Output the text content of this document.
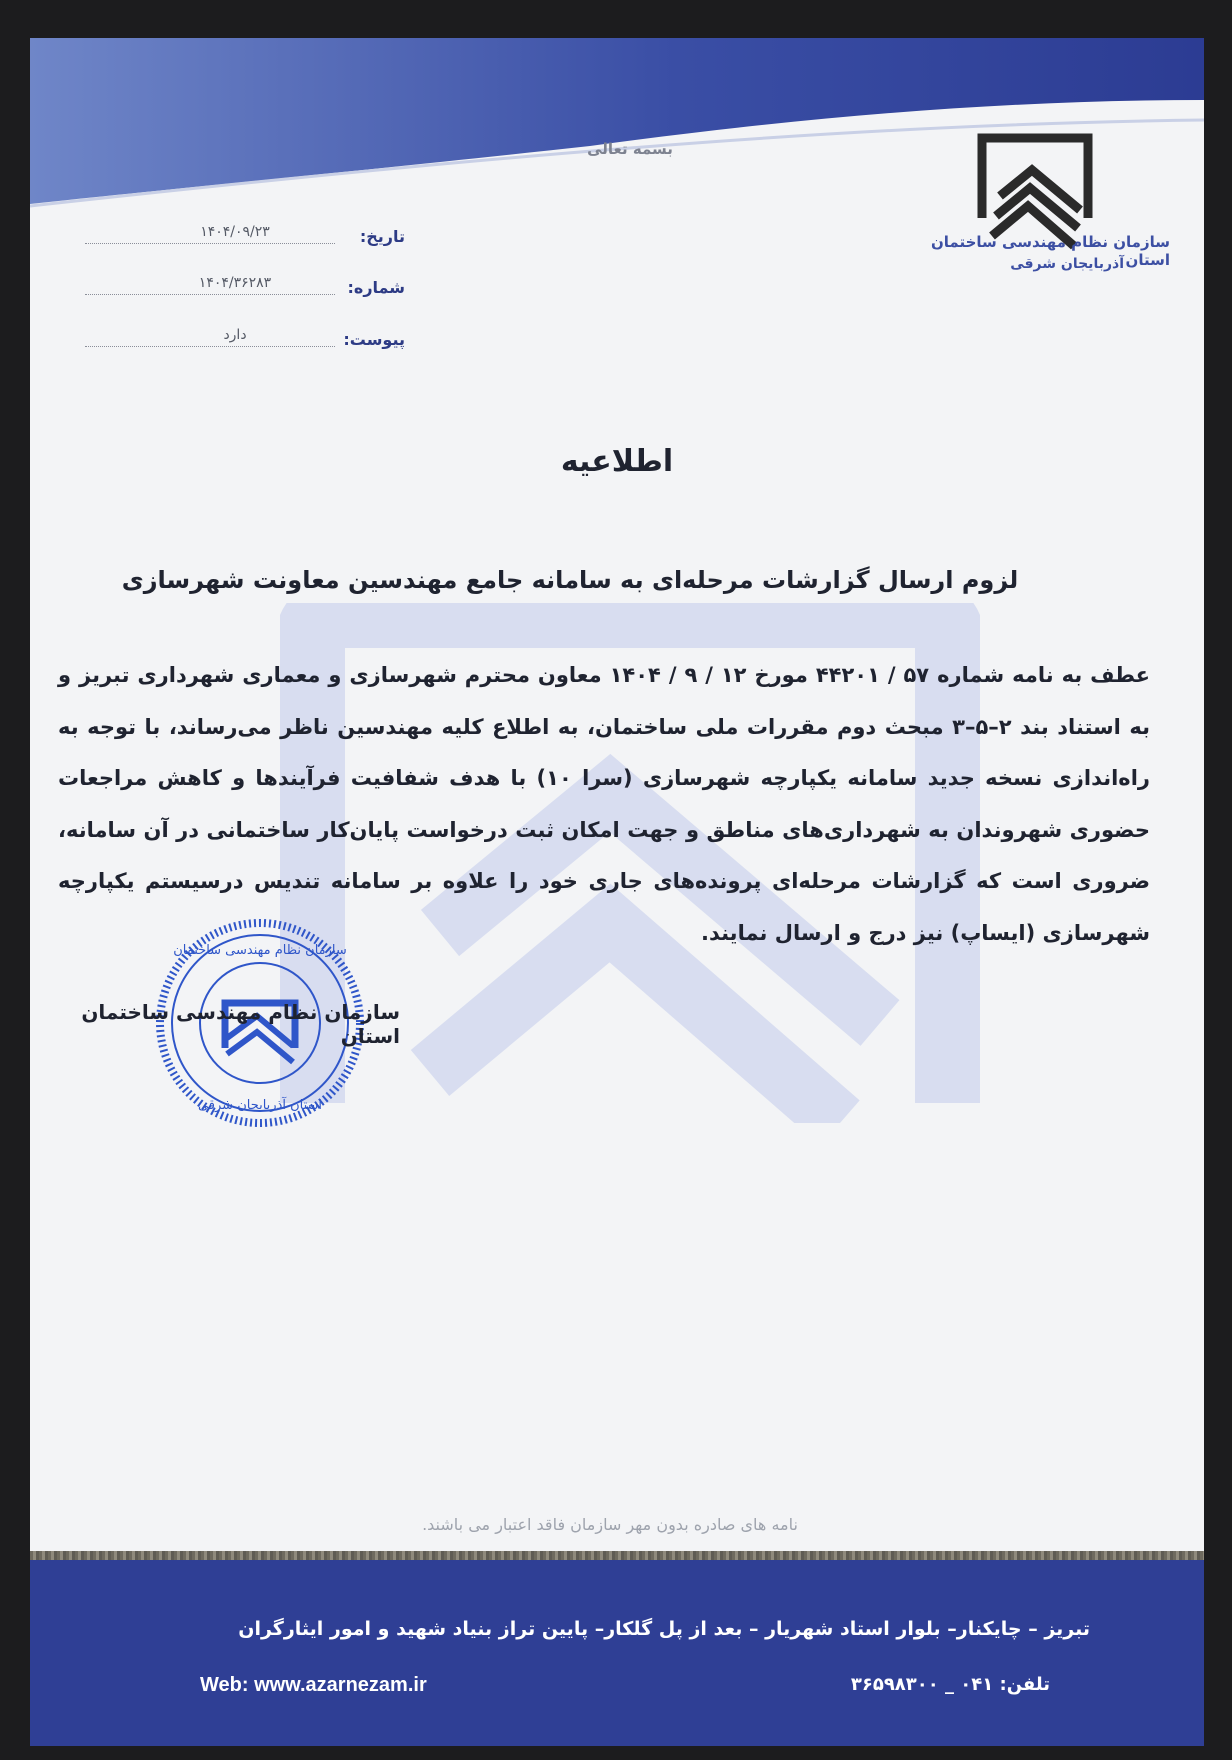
بسمه تعالی
سازمان نظام مهندسی ساختمان استان
آذربایجان شرقی
تاریخ:
۱۴۰۴/۰۹/۲۳
شماره:
۱۴۰۴/۳۶۲۸۳
پیوست:
دارد
اطلاعیه
لزوم ارسال گزارشات مرحله‌ای به سامانه جامع مهندسین معاونت شهرسازی
عطف به نامه شماره ۵۷ / ۴۴۲۰۱ مورخ ۱۲ / ۹ / ۱۴۰۴ معاون محترم شهرسازی و معماری شهرداری تبریز و به استناد بند ۲–۵–۳ مبحث دوم مقررات ملی ساختمان، به اطلاع کلیه مهندسین ناظر می‌رساند، با توجه به راه‌اندازی نسخه جدید سامانه یکپارچه شهرسازی (سرا ۱۰) با هدف شفافیت فرآیندها و کاهش مراجعات حضوری شهروندان به شهرداری‌های مناطق و جهت امکان ثبت درخواست پایان‌کار ساختمانی در آن سامانه، ضروری است که گزارشات مرحله‌ای پرونده‌های جاری خود را علاوه بر سامانه تندیس درسیستم یکپارچه شهرسازی (ایساپ) نیز درج و ارسال نمایند.
سازمان نظام مهندسی ساختمان استان
استان آذربایجان شرقی
سازمان نظام مهندسی ساختمان
نامه های صادره بدون مهر سازمان فاقد اعتبار می باشند.
تبریز – چایکنار– بلوار استاد شهریار – بعد از پل گلکار– پایین تراز بنیاد شهید و امور ایثارگران
Web: www.azarnezam.ir	تلفن: ۰۴۱ _ ۳۶۵۹۸۳۰۰
